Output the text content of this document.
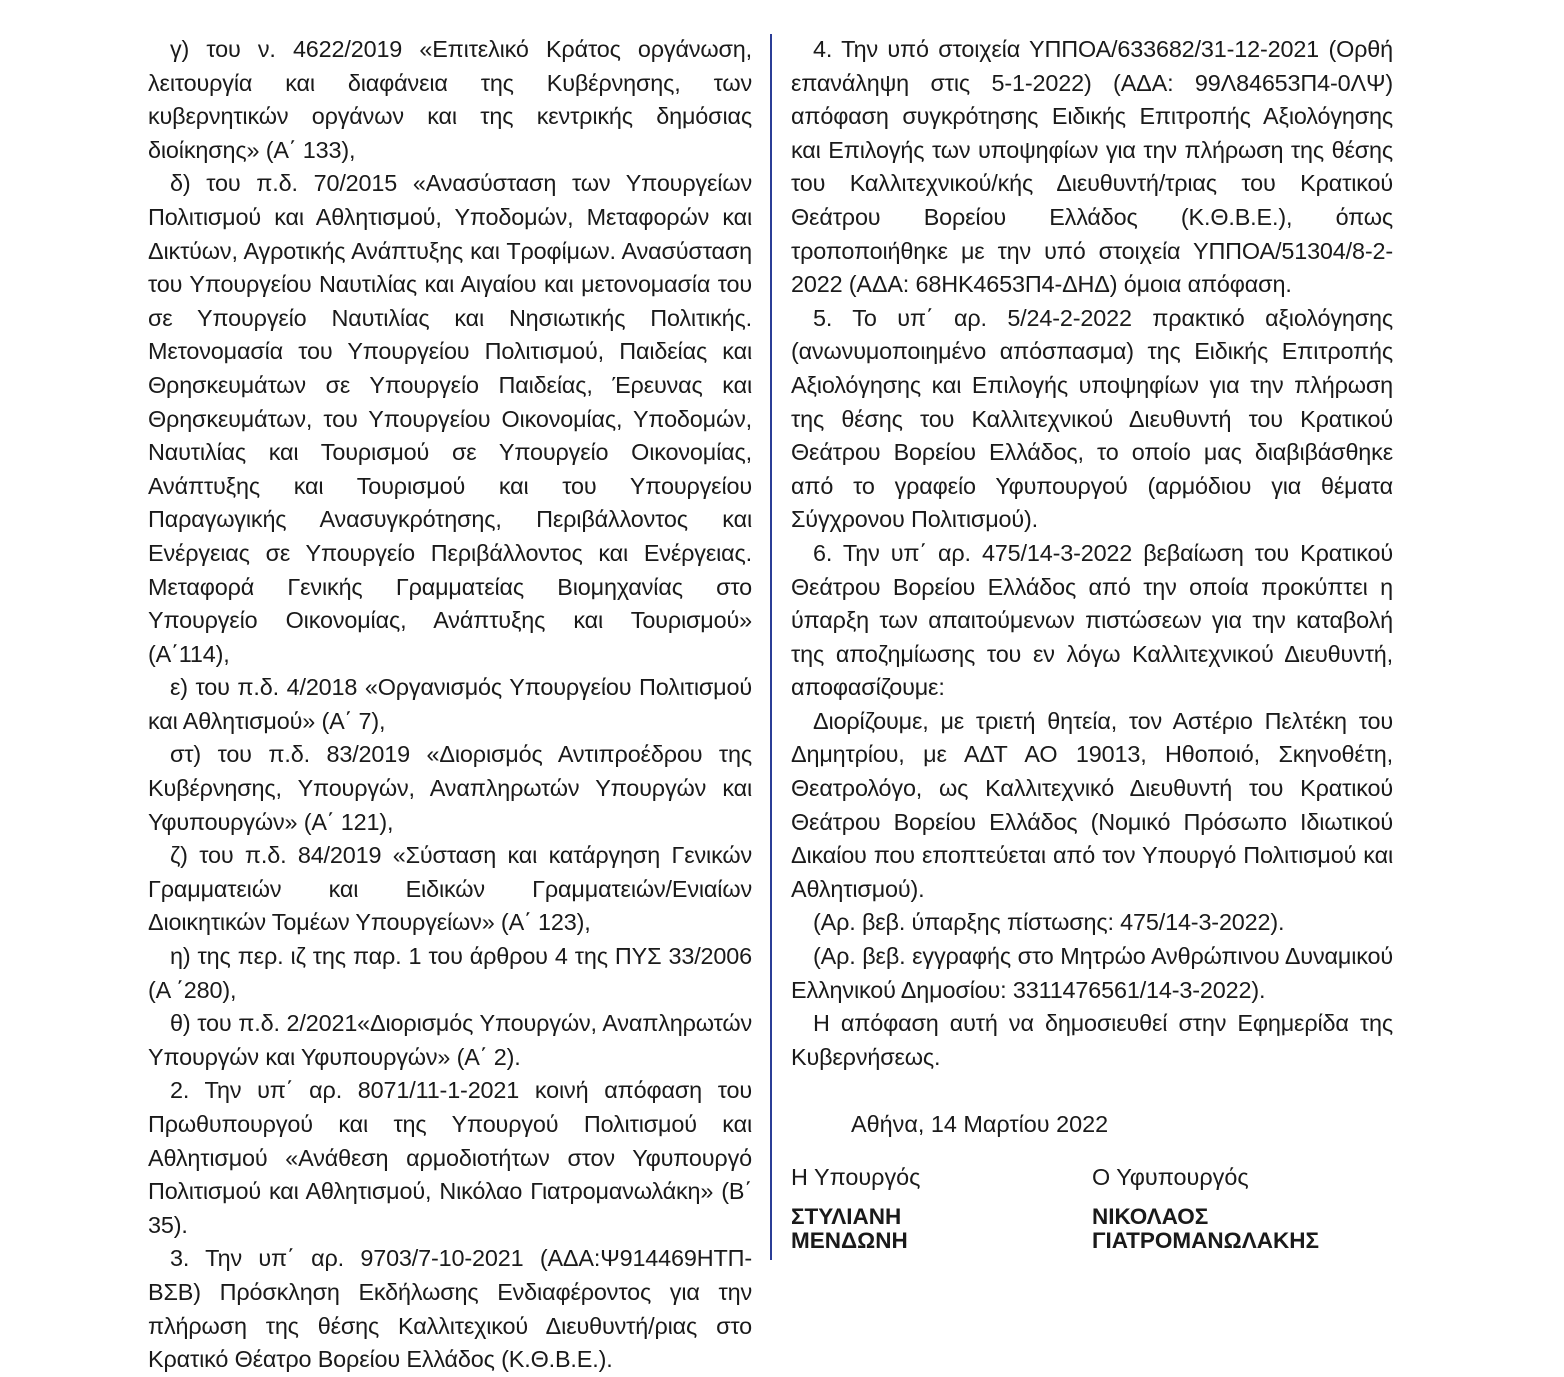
γ) του ν. 4622/2019 «Επιτελικό Κράτος οργάνωση, λειτουργία και διαφάνεια της Κυβέρνησης, των κυβερνητικών οργάνων και της κεντρικής δημόσιας διοίκησης» (Α΄ 133),

δ) του π.δ. 70/2015 «Ανασύσταση των Υπουργείων Πολιτισμού και Αθλητισμού, Υποδομών, Μεταφορών και Δικτύων, Αγροτικής Ανάπτυξης και Τροφίμων. Ανασύσταση του Υπουργείου Ναυτιλίας και Αιγαίου και μετονομασία του σε Υπουργείο Ναυτιλίας και Νησιωτικής Πολιτικής. Μετονομασία του Υπουργείου Πολιτισμού, Παιδείας και Θρησκευμάτων σε Υπουργείο Παιδείας, Έρευνας και Θρησκευμάτων, του Υπουργείου Οικονομίας, Υποδομών, Ναυτιλίας και Τουρισμού σε Υπουργείο Οικονομίας, Ανάπτυξης και Τουρισμού και του Υπουργείου Παραγωγικής Ανασυγκρότησης, Περιβάλλοντος και Ενέργειας σε Υπουργείο Περιβάλλοντος και Ενέργειας. Μεταφορά Γενικής Γραμματείας Βιομηχανίας στο Υπουργείο Οικονομίας, Ανάπτυξης και Τουρισμού» (Α΄114),

ε) του π.δ. 4/2018 «Οργανισμός Υπουργείου Πολιτισμού και Αθλητισμού» (Α΄ 7),

στ) του π.δ. 83/2019 «Διορισμός Αντιπροέδρου της Κυβέρνησης, Υπουργών, Αναπληρωτών Υπουργών και Υφυπουργών» (Α΄ 121),

ζ) του π.δ. 84/2019 «Σύσταση και κατάργηση Γενικών Γραμματειών και Ειδικών Γραμματειών/Ενιαίων Διοικητικών Τομέων Υπουργείων» (Α΄ 123),

η) της περ. ιζ της παρ. 1 του άρθρου 4 της ΠΥΣ 33/2006 (Α ΄280),

θ) του π.δ. 2/2021«Διορισμός Υπουργών, Αναπληρωτών Υπουργών και Υφυπουργών» (Α΄ 2).

2. Την υπ΄ αρ. 8071/11-1-2021 κοινή απόφαση του Πρωθυπουργού και της Υπουργού Πολιτισμού και Αθλητισμού «Ανάθεση αρμοδιοτήτων στον Υφυπουργό Πολιτισμού και Αθλητισμού, Νικόλαο Γιατρομανωλάκη» (Β΄ 35).

3. Την υπ΄ αρ. 9703/7-10-2021 (ΑΔΑ:Ψ914469ΗΤΠ-ΒΣΒ) Πρόσκληση Εκδήλωσης Ενδιαφέροντος για την πλήρωση της θέσης Καλλιτεχικού Διευθυντή/ριας στο Κρατικό Θέατρο Βορείου Ελλάδος (Κ.Θ.Β.Ε.).

4. Την υπό στοιχεία ΥΠΠΟΑ/633682/31-12-2021 (Ορθή επανάληψη στις 5-1-2022) (ΑΔΑ: 99Λ84653Π4-0ΛΨ) απόφαση συγκρότησης Ειδικής Επιτροπής Αξιολόγησης και Επιλογής των υποψηφίων για την πλήρωση της θέσης του Καλλιτεχνικού/κής Διευθυντή/τριας του Κρατικού Θεάτρου Βορείου Ελλάδος (Κ.Θ.Β.Ε.), όπως τροποποιήθηκε με την υπό στοιχεία ΥΠΠΟΑ/51304/8-2-2022 (ΑΔΑ: 68ΗΚ4653Π4-ΔΗΔ) όμοια απόφαση.

5. Το υπ΄ αρ. 5/24-2-2022 πρακτικό αξιολόγησης (ανωνυμοποιημένο απόσπασμα) της Ειδικής Επιτροπής Αξιολόγησης και Επιλογής υποψηφίων για την πλήρωση της θέσης του Καλλιτεχνικού Διευθυντή του Κρατικού Θεάτρου Βορείου Ελλάδος, το οποίο μας διαβιβάσθηκε από το γραφείο Υφυπουργού (αρμόδιου για θέματα Σύγχρονου Πολιτισμού).

6. Την υπ΄ αρ. 475/14-3-2022 βεβαίωση του Κρατικού Θεάτρου Βορείου Ελλάδος από την οποία προκύπτει η ύπαρξη των απαιτούμενων πιστώσεων για την καταβολή της αποζημίωσης του εν λόγω Καλλιτεχνικού Διευθυντή, αποφασίζουμε:

Διορίζουμε, με τριετή θητεία, τον Αστέριο Πελτέκη του Δημητρίου, με ΑΔΤ ΑΟ 19013, Ηθοποιό, Σκηνοθέτη, Θεατρολόγο, ως Καλλιτεχνικό Διευθυντή του Κρατικού Θεάτρου Βορείου Ελλάδος (Νομικό Πρόσωπο Ιδιωτικού Δικαίου που εποπτεύεται από τον Υπουργό Πολιτισμού και Αθλητισμού).

(Αρ. βεβ. ύπαρξης πίστωσης: 475/14-3-2022).

(Αρ. βεβ. εγγραφής στο Μητρώο Ανθρώπινου Δυναμικού Ελληνικού Δημοσίου: 3311476561/14-3-2022).

Η απόφαση αυτή να δημοσιευθεί στην Εφημερίδα της Κυβερνήσεως.

Αθήνα, 14 Μαρτίου 2022
Η Υπουργός
ΣΤΥΛΙΑΝΗ
ΜΕΝΔΩΝΗ
Ο Υφυπουργός
ΝΙΚΟΛΑΟΣ
ΓΙΑΤΡΟΜΑΝΩΛΑΚΗΣ
